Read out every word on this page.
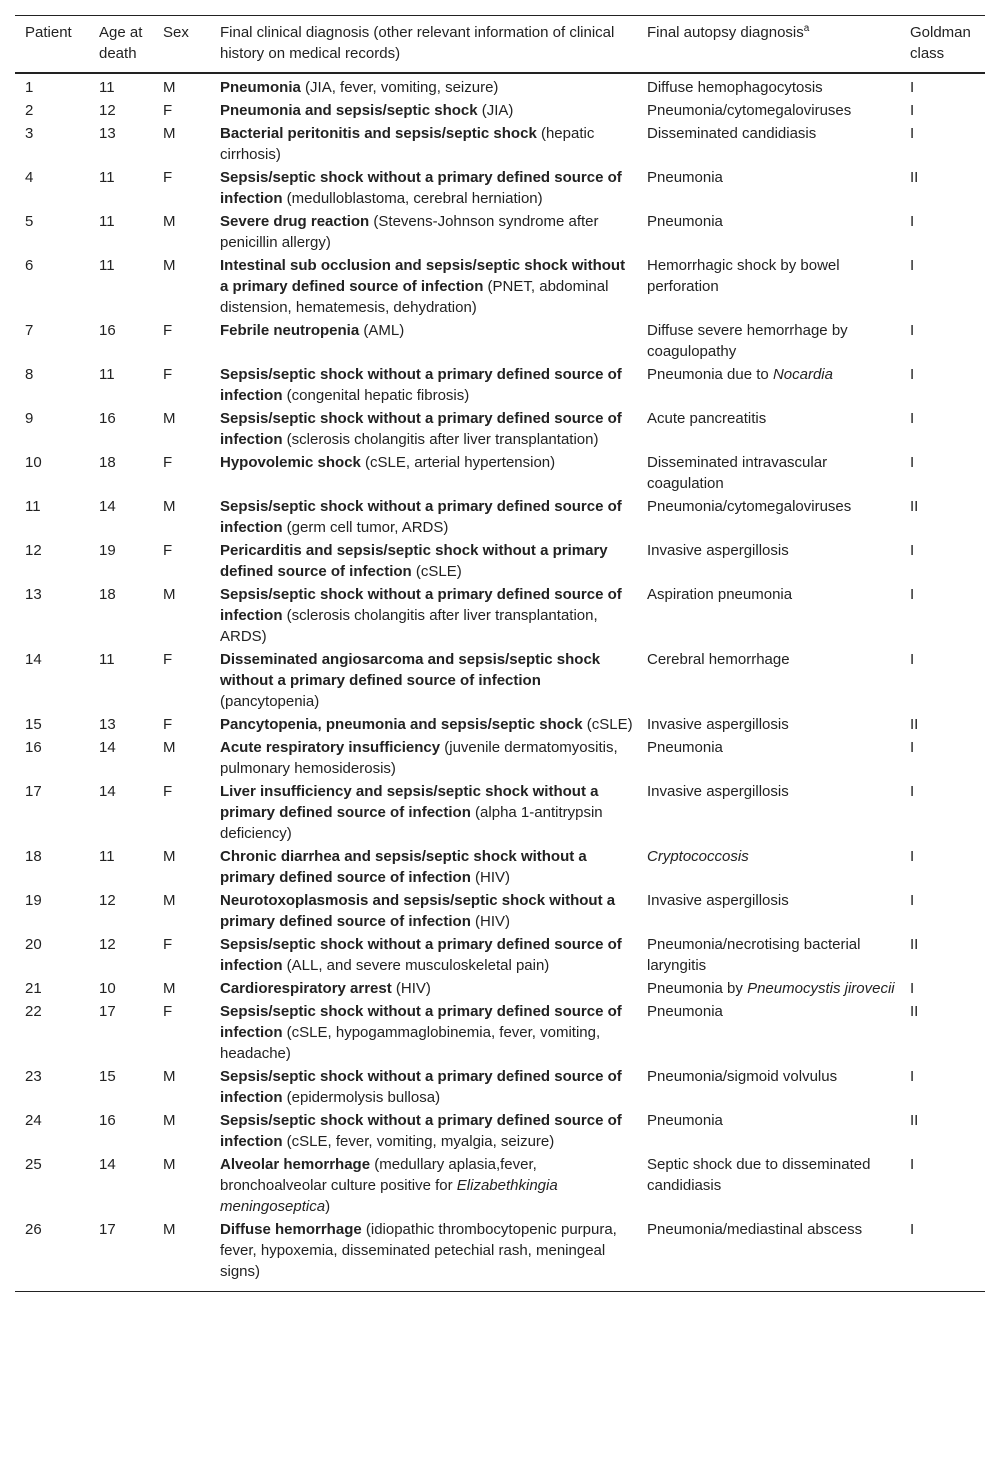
Patient	Age at death	Sex	Final clinical diagnosis (other relevant information of clinical history on medical records)	Final autopsy diagnosis$^a$	Goldman class
1	11	M	Pneumonia (JIA, fever, vomiting, seizure)	Diffuse hemophagocytosis	I
2	12	F	Pneumonia and sepsis/septic shock (JIA)	Pneumonia/cytomegaloviruses	I
3	13	M	Bacterial peritonitis and sepsis/septic shock (hepatic cirrhosis)	Disseminated candidiasis	I
4	11	F	Sepsis/septic shock without a primary defined source of infection (medulloblastoma, cerebral herniation)	Pneumonia	II
5	11	M	Severe drug reaction (Stevens-Johnson syndrome after penicillin allergy)	Pneumonia	I
6	11	M	Intestinal sub occlusion and sepsis/septic shock without a primary defined source of infection (PNET, abdominal distension, hematemesis, dehydration)	Hemorrhagic shock by bowel perforation	I
7	16	F	Febrile neutropenia (AML)	Diffuse severe hemorrhage by coagulopathy	I
8	11	F	Sepsis/septic shock without a primary defined source of infection (congenital hepatic fibrosis)	Pneumonia due to Nocardia	I
9	16	M	Sepsis/septic shock without a primary defined source of infection (sclerosis cholangitis after liver transplantation)	Acute pancreatitis	I
10	18	F	Hypovolemic shock (cSLE, arterial hypertension)	Disseminated intravascular coagulation	I
11	14	M	Sepsis/septic shock without a primary defined source of infection (germ cell tumor, ARDS)	Pneumonia/cytomegaloviruses	II
12	19	F	Pericarditis and sepsis/septic shock without a primary defined source of infection (cSLE)	Invasive aspergillosis	I
13	18	M	Sepsis/septic shock without a primary defined source of infection (sclerosis cholangitis after liver transplantation, ARDS)	Aspiration pneumonia	I
14	11	F	Disseminated angiosarcoma and sepsis/septic shock without a primary defined source of infection (pancytopenia)	Cerebral hemorrhage	I
15	13	F	Pancytopenia, pneumonia and sepsis/septic shock (cSLE)	Invasive aspergillosis	II
16	14	M	Acute respiratory insufficiency (juvenile dermatomyositis, pulmonary hemosiderosis)	Pneumonia	I
17	14	F	Liver insufficiency and sepsis/septic shock without a primary defined source of infection (alpha 1-antitrypsin deficiency)	Invasive aspergillosis	I
18	11	M	Chronic diarrhea and sepsis/septic shock without a primary defined source of infection (HIV)	Cryptococcosis	I
19	12	M	Neurotoxoplasmosis and sepsis/septic shock without a primary defined source of infection (HIV)	Invasive aspergillosis	I
20	12	F	Sepsis/septic shock without a primary defined source of infection (ALL, and severe musculoskeletal pain)	Pneumonia/necrotising bacterial laryngitis	II
21	10	M	Cardiorespiratory arrest (HIV)	Pneumonia by Pneumocystis jirovecii	I
22	17	F	Sepsis/septic shock without a primary defined source of infection (cSLE, hypogammaglobinemia, fever, vomiting, headache)	Pneumonia	II
23	15	M	Sepsis/septic shock without a primary defined source of infection (epidermolysis bullosa)	Pneumonia/sigmoid volvulus	I
24	16	M	Sepsis/septic shock without a primary defined source of infection (cSLE, fever, vomiting, myalgia, seizure)	Pneumonia	II
25	14	M	Alveolar hemorrhage (medullary aplasia,fever, bronchoalveolar culture positive for Elizabethkingia meningoseptica)	Septic shock due to disseminated candidiasis	I
26	17	M	Diffuse hemorrhage (idiopathic thrombocytopenic purpura, fever, hypoxemia, disseminated petechial rash, meningeal signs)	Pneumonia/mediastinal abscess	I
